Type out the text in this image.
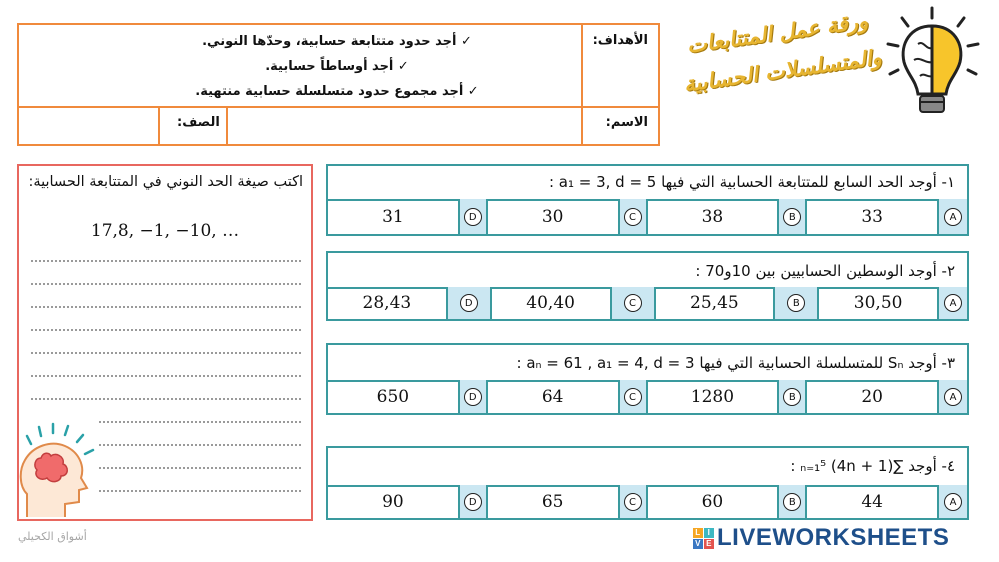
الأهداف:
✓ أجد حدود متتابعة حسابية، وحدّها النوني.
✓ أجد أوساطاً حسابية.
✓ أجد مجموع حدود متسلسلة حسابية منتهية.
الاسم:
الصف:
ورقة عمل المتتابعات والمتسلسلات الحسابية
اكتب صيغة الحد النوني في المتتابعة الحسابية:
17,8, −1, −10, …
١- أوجد الحد السابع للمتتابعة الحسابية التي فيها a₁ = 3, d = 5 :
A
33
B
38
C
30
D
31
٢- أوجد الوسطين الحسابيين بين 10و70 :
A
30,50
B
25,45
C
40,40
D
28,43
٣- أوجد Sₙ للمتسلسلة الحسابية التي فيها aₙ = 61 , a₁ = 4, d = 3 :
A
20
B
1280
C
64
D
650
٤- أوجد ∑ₙ₌₁⁵ (4n + 1) :
A
44
B
60
C
65
D
90
أشواق الكحيلي	L I
V E LIVEWORKSHEETS
